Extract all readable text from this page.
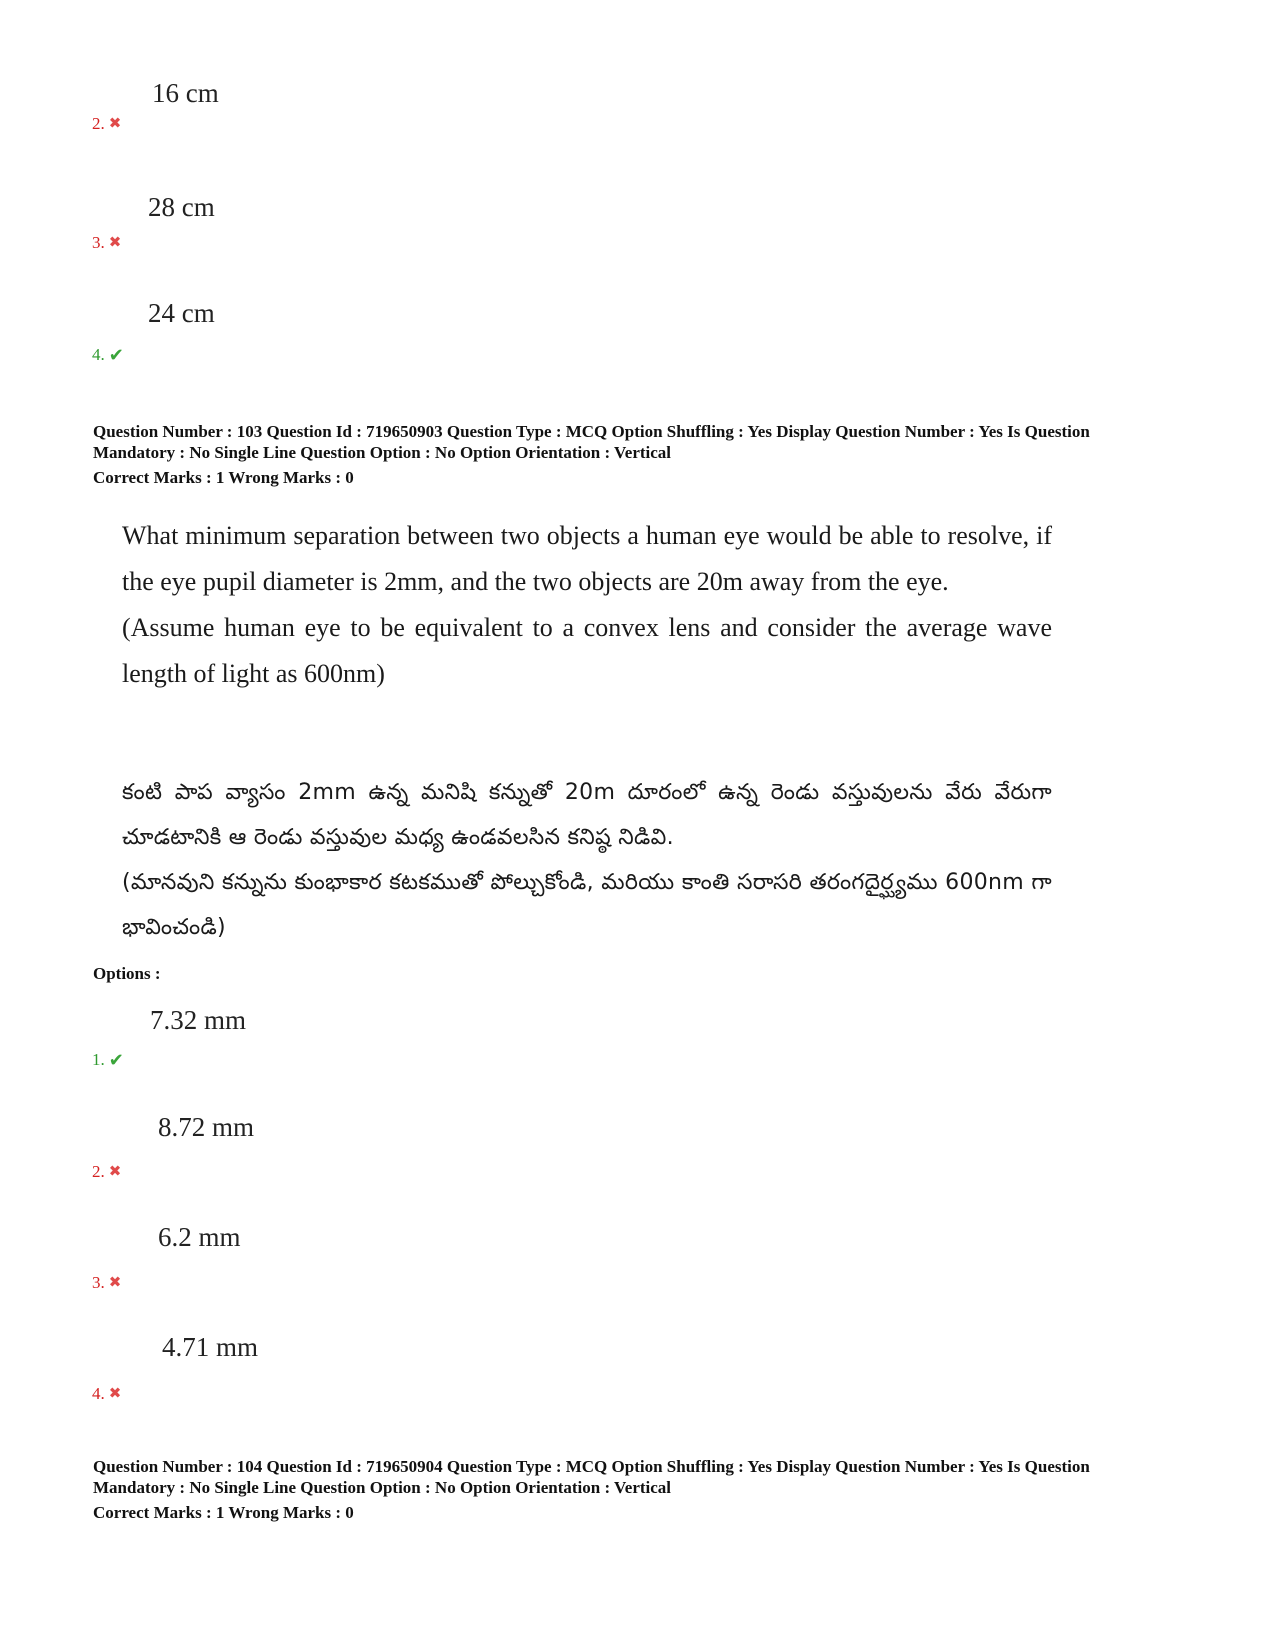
16 cm
2. ✖
28 cm
3. ✖
24 cm
4. ✔
Question Number : 103 Question Id : 719650903 Question Type : MCQ Option Shuffling : Yes Display Question Number : Yes Is Question
Mandatory : No Single Line Question Option : No Option Orientation : Vertical
Correct Marks : 1 Wrong Marks : 0

What minimum separation between two objects a human eye would be able to resolve, if the eye pupil diameter is 2mm, and the two objects are 20m away from the eye.

(Assume human eye to be equivalent to a convex lens and consider the average wave length of light as 600nm)

కంటి పాప వ్యాసం 2mm ఉన్న మనిషి కన్నుతో 20m దూరంలో ఉన్న రెండు వస్తువులను వేరు వేరుగా చూడటానికి ఆ రెండు వస్తువుల మధ్య ఉండవలసిన కనిష్ఠ నిడివి.

(మానవుని కన్నును కుంభాకార కటకముతో పోల్చుకోండి, మరియు కాంతి సరాసరి తరంగదైర్ఘ్యము 600nm గా భావించండి)

Options :
7.32 mm
1. ✔
8.72 mm
2. ✖
6.2 mm
3. ✖
4.71 mm
4. ✖
Question Number : 104 Question Id : 719650904 Question Type : MCQ Option Shuffling : Yes Display Question Number : Yes Is Question
Mandatory : No Single Line Question Option : No Option Orientation : Vertical
Correct Marks : 1 Wrong Marks : 0
